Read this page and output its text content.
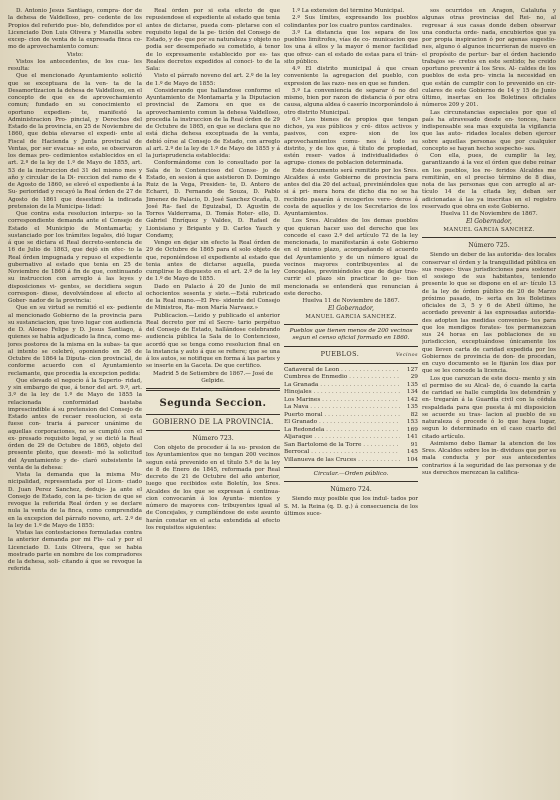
D. Antonio Jesus Santiago, compra- dor de la dehesa de Valdelloso, pro- cedente de los Propios del referido pue- blo, defendidos por el Licenciado Don Luis Olivera y Mansilla sobre excep- cion de venta de la expresada finca co- mo de aprovechamiento comun:

Visto:

Vistos los antecedentes, de los cua- les resulta:

Que el mencionado Ayuntamiento solicitó que se exceptuara de la ven- ta de la Desamortizacion la dehesa de Valdelloso, en el concepto de que es de aprovechamiento comun; fundado en su conocimiento el oportuno expedien- te, manifestó la Administracion Pro- pincial, y Derechos del Estado de la provincia, en 25 de Noviembre de 1860, que debia elevarse el expedi- ente al Fiscal de Hacienda y Junta provincial de Ventas, por ser evacua- se esto, se observaron los demas pro- cedimientos establecidos en el art. 2.º de la ley de 1.º de Mayo de 1855, art. 53 de la instruccion del 31 del mismo mes y año y circular de la Di- reccion del ramo de 4 de Agosto de 1860, se elevó el expediente á la Su- perioridad y recayó la Real órden de 27 de Agosto de 1861 que desestimó la indicada pretension de la Municipa- lidad:

Que contra esta resolucion interpu- so la correspondiente demanda ante el Consejo de Estado el Municipio de Montamarta; y sustanciado por los trámites legales, dió lugar á que se dictara el Real decreto-sentencia de 16 de Julio de 1863, que dejó sin efec- to la Real órden impugnada y repuso el expediente gubernativo al estado que tenia en 25 de Noviembre de 1860 á fin de que, continuando su instruccion con arreglo á las leyes y disposiciones vi- gentes, se decidiera segun correspon- diese, devolviéndose al efecto al Gober- nador de la provincia:

Que en su virtud se remitió el ex- pediente al mencionado Gobierno de la provincia para su sustanciacion, que tuvo lugar con audiencia de D. Alonso Felipe y D. Jesus Santiago, á quienes se habia adjudicado la finca, como me- jores postores de la misma en la subas- ta que al intento se celebró, oponiendo en 26 de Octubre de 1864 la Diputa- cion provincial, de conforme acuerdo con el Ayuntamiento reclamante, que procedia la excepcion pedida:

Que elevado el negocio á la Superio- ridad, y sin embargo de que, á tenor del art. 9.º, art. 3.º de la ley de 1.º de Mayo de 1855 la relacionada conformidad bastaba imprescindible á su pretension del Consejo de Estado antes de recaer resolucion, si esta fuese con- traria á parecer unánime de aquellas corporaciones, no se cumplió con el ex- presado requisito legal, y se dictó la Real órden de 29 de Octubre de 1865, objeto del presente pleito, que desesti- mó la solicitud del Ayuntamiento y de- claró subsistente la venta de la dehesa:

Vista la demanda que la misma Mu- nicipalidad, representada por el Licen- ciado D. Juan Perez Sanchez, deduje- ja ante el Consejo de Estado, con la pe- ticion de que se revoque la referida Real órden y se declare nula la venta de la finca, como comprendida en la excepcion del párrafo noveno, art. 2.º de la ley de 1.º de Mayo de 1855:

Vistas las contestaciones formuladas contra la anterior demanda por mi Fis- cal y por el Licenciado D. Luis Olivera, que se habia mostrado parte en nombre de los compradores de la dehesa, soli- citando á que se revoque la referida

Real órden por si esta efecto de que repusiendose el expediente al estado que tenia antes de dictarse, pueda com- pletarse con el requisito legal de la pe- tición del Consejo de Estado, y de- que por su naturaleza y objeto no podia ser desempeñado su cometido, á tenor de lo expresamente establecido por es- tas Reales decretos expedidos al conoci- to de la Sala:

Visto el párrafo noveno del art. 2.º de la ley de 1.º de Mayo de 1855:

Considerando que hallandose conforme el Ayuntamiento de Montamarta y la Diputacion provincial de Zamora en que es de aprovechamiento comun la dehesa Valdelloso, procedia la instruccion de la Real órden de 29 de Octubre de 1865, en que se declara que no está dicha dehesa exceptuada de la venta, debió oírse al Consejo de Estado, con arreglo al art. 2.º de la ley de 1.º de Mayo de 1855 y á la jurisprudencia establecida:

Conformándome con lo consultado por la Sala de lo Contencioso del Conse- jo de Estado, en sesion á que asistieron D. Domingo Ruiz de la Vega, Presiden- te, D. Antero de Echarri, D. Fernando de Souza, D. Pablo Jimenez de Palacio, D. José Sanchez Ocaña, D. José Ra- fael de Eguizabal, D. Agustin de Torres Valderrama, D. Tomás Roter- ello, D. Gabriel Enríquez y Valdes, D. Rafael de Lionisiano y Brigante y D. Carlos Yauch y Condamy,

Vengo en dejar sin efecto la Real órden de 29 de Octubre de 1865 para el solo objeto de que, reponiéndose el expediente al estado que tenia antes de dictarse aquella, pueda cumplirse lo dispuesto en el art. 2.º de la ley de 1.º de Mayo de 1855.

Dado en Palacio á 20 de Junio de mil ochocientos sesenta y siete.—Está rubricado de la Real mano.—El Pre- sidente del Consejo de Ministros, Ra- mon María Narvaez.»

Publicacion.—Leido y publicado el anterior Real decreto por mí el Secre- tario perpétuo del Consejo de Estado, hallándose celebrando audiencia pública la Sala de lo Contencioso, acordó que se tenga como resolucion final en la instancia y auto á que se refiere; que se una á los autos, se notifique en forma á las partes y se inserte en la Gaceta. De que certifico.

Madrid 5 de Setiembre de 1867.— José de Gelpide.

Segunda Seccion.
GOBIERNO DE LA PROVINCIA.
Número 723.

Con objeto de proceder á la su- presion de los Ayuntamientos que no tengan 200 vecinos segun está prevenido en el título 5.º de la ley de 8 de Enero de 1845, reformada por Real decreto de 21 de Octubre del año anterior, luego que recibidos este Boletín, los Sres. Alcaldes de los que se expresan á continua- cion convocarán á los Ayunta- mientos y número de mayores con- tribuyentes igual al de Concejales, y cumpliéndose de este asunto harán constar en el acta extendida al efecto los requisitos siguientes:

1.º La extension del término Municipal.

2.º Sus límites, expresando los pueblos colindantes por los cuatro puntos cardinales.

3.º La distancia que los separa de los pueblos limítrofes, vías de co- municacion que los una á ellos y la mayor ó menor facilidad que ofrez- can el estado de estas para el trán- sito público.

4.º El distrito municipal á que crean conveniente la agregacion del pueblo, con expresion de las razo- nes en que se funden.

5.º La conveniencia de separar ó no del mismo, bien por razon de distancia ó por otra causa, alguna aldea ó caserío incorporándolo á otro distrito Municipal.

6.º Los bienes de propios que tengan dichos, ya sus públicos y cré- ditos activos y pasivos, con expre- sion de los aprovechamientos comu- nes á todo su distrito, y de los que, á título de propiedad, estén reser- vados á individualidades ó agrupa- ciones de poblacion determinada.

Este documento será remitido por los Sres. Alcaldes á este Gobierno de provincia para antes del dia 20 del actual, previniéndoles que si á pri- mera hora de dicho dia no se ha recibido pasarán á recogerlos vere- deros á costa de aquellos y de los Secretarios de los Ayuntamientos.

Los Sres. Alcaldes de los demas pueblos que quieran hacer uso del derecho que les concede el caso 2.º del artículo 72 de la ley mencionada, lo manifestarán á este Gobierno en el mismo plazo, acompañando el acuerdo del Ayuntamiento y de un número igual de vecinos mayores contribuyentes al de Concejales, previniéndoles que de dejar tras- currir el plazo sin practicar lo ge- tion mencionada se entenderá que renuncian á este derecho.

Huelva 11 de Noviembre de 1867.

El Gobernador,
MANUEL GARCIA SANCHEZ.
Pueblos que tienen menos de 200 vecinos segun el censo oficial formado en 1860.
PUEBLOS.	Vecinos
Cañaveral de Leon . . .	127
Cumbres de Enmedio . . .	29
La Granada . . .	135
Hinojales . . .	134
Los Marines . . .	142
La Nava . . .	135
Puerto moral . . .	82
El Granado . . .	153
La Redondela . . .	169
Aljaraque . . .	141
San Bartolomé de la Torre . . .	91
Berrocal . . .	145
Villanueva de las Cruces . . .	104
Circular.—Orden público.
Número 724.

Siendo muy posible que los indul- tados por S. M. la Reina (q. D. g.) á consecuencia de los últimos suce-

sos ocurridos en Aragon, Cataluña y algunas otras provincias del Rei- no, al regresar á sus casas donde deben observar una conducta orde- nada, encubiertos que ya por propia inspiracion ó por agenas sugestio- nes, alguno ó algunos incurrieran de nuevo en el propósito de pertur- bar el órden haciendo trabajos se- cretos en este sentido; he creido oportuno prevenir á los Sres. Al- caldes de los pueblos de esta pro- vincia la necesidad en que están de cumplir con lo prevenido en cir- culares de este Gobierno de 14 y 15 de Junio último, insertas en los Boletines oficiales números 209 y 201.

Las circunstancias especiales por que el país ha atravesado desde en- tonces, hace indispensable sea mas exquisita la vigilancia que las auto- ridades locales deben ejercer sobre aquellas personas que por cualquier concepto se hayan hecho sospecho- sas.

Con ella, pues, de cumplir la ley, garantizando á la vez el órden que debe reinar en los pueblos, los re- feridos Alcaldes me remitirán, en el preciso término de 8 dias, nota de las personas que con arreglo al ar- tículo 14 de la citada ley, deban ser adicionadas á las ya inscritas en el registro reservado que obra en este Gobierno.

Huelva 11 de Noviembre de 1867.

El Gobernador,
MANUEL GARCIA SANCHEZ.
Número 725.

Siendo un deber de las autorida- des locales conservar el órden y la tranquilidad pública en sus respec- tivas jurisdicciones para sostener el sosiego de sus habitantes, teniendo presente lo que se dispone en el ar- tículo 13 de la ley de órden público de 20 de Marzo próximo pasado, in- serta en los Boletines oficiales de 3, 5 y 6 de Abril último, he acordado prevenir á las expresadas autorida- des adopten las medidas convenien- tes para que los mendigos forates- tos permanezcan sus 24 horas en las poblaciones de su jurisdiccion, exceptuándose únicamente los que lleven carta de caridad expedida por los Gobiernos de provincia de don- de procedan, en cuyo documento se le fijarán los dias por que se les concede la licencia.

Los que carezcan de este docu- mento y sin el permiso de su Alcal- de, ó cuando la carta de caridad se halle cumplida los detendrán y en- tregarán á la Guardia civil con la cédula respaldada para que puesta á mi disposicion se acuerde su tras- lacion al pueblo de su naturaleza ó procede ó lo que haya lugar, segun lo determinado en el caso cuarto del citado artículo.

Asimismo debo llamar la atencion de los Sres. Alcaldes sobre los in- dividuos que por su mala conducta y por sus antecedentes contrarios á la seguridad de las personas y de sus derechos merezcan la califica-
